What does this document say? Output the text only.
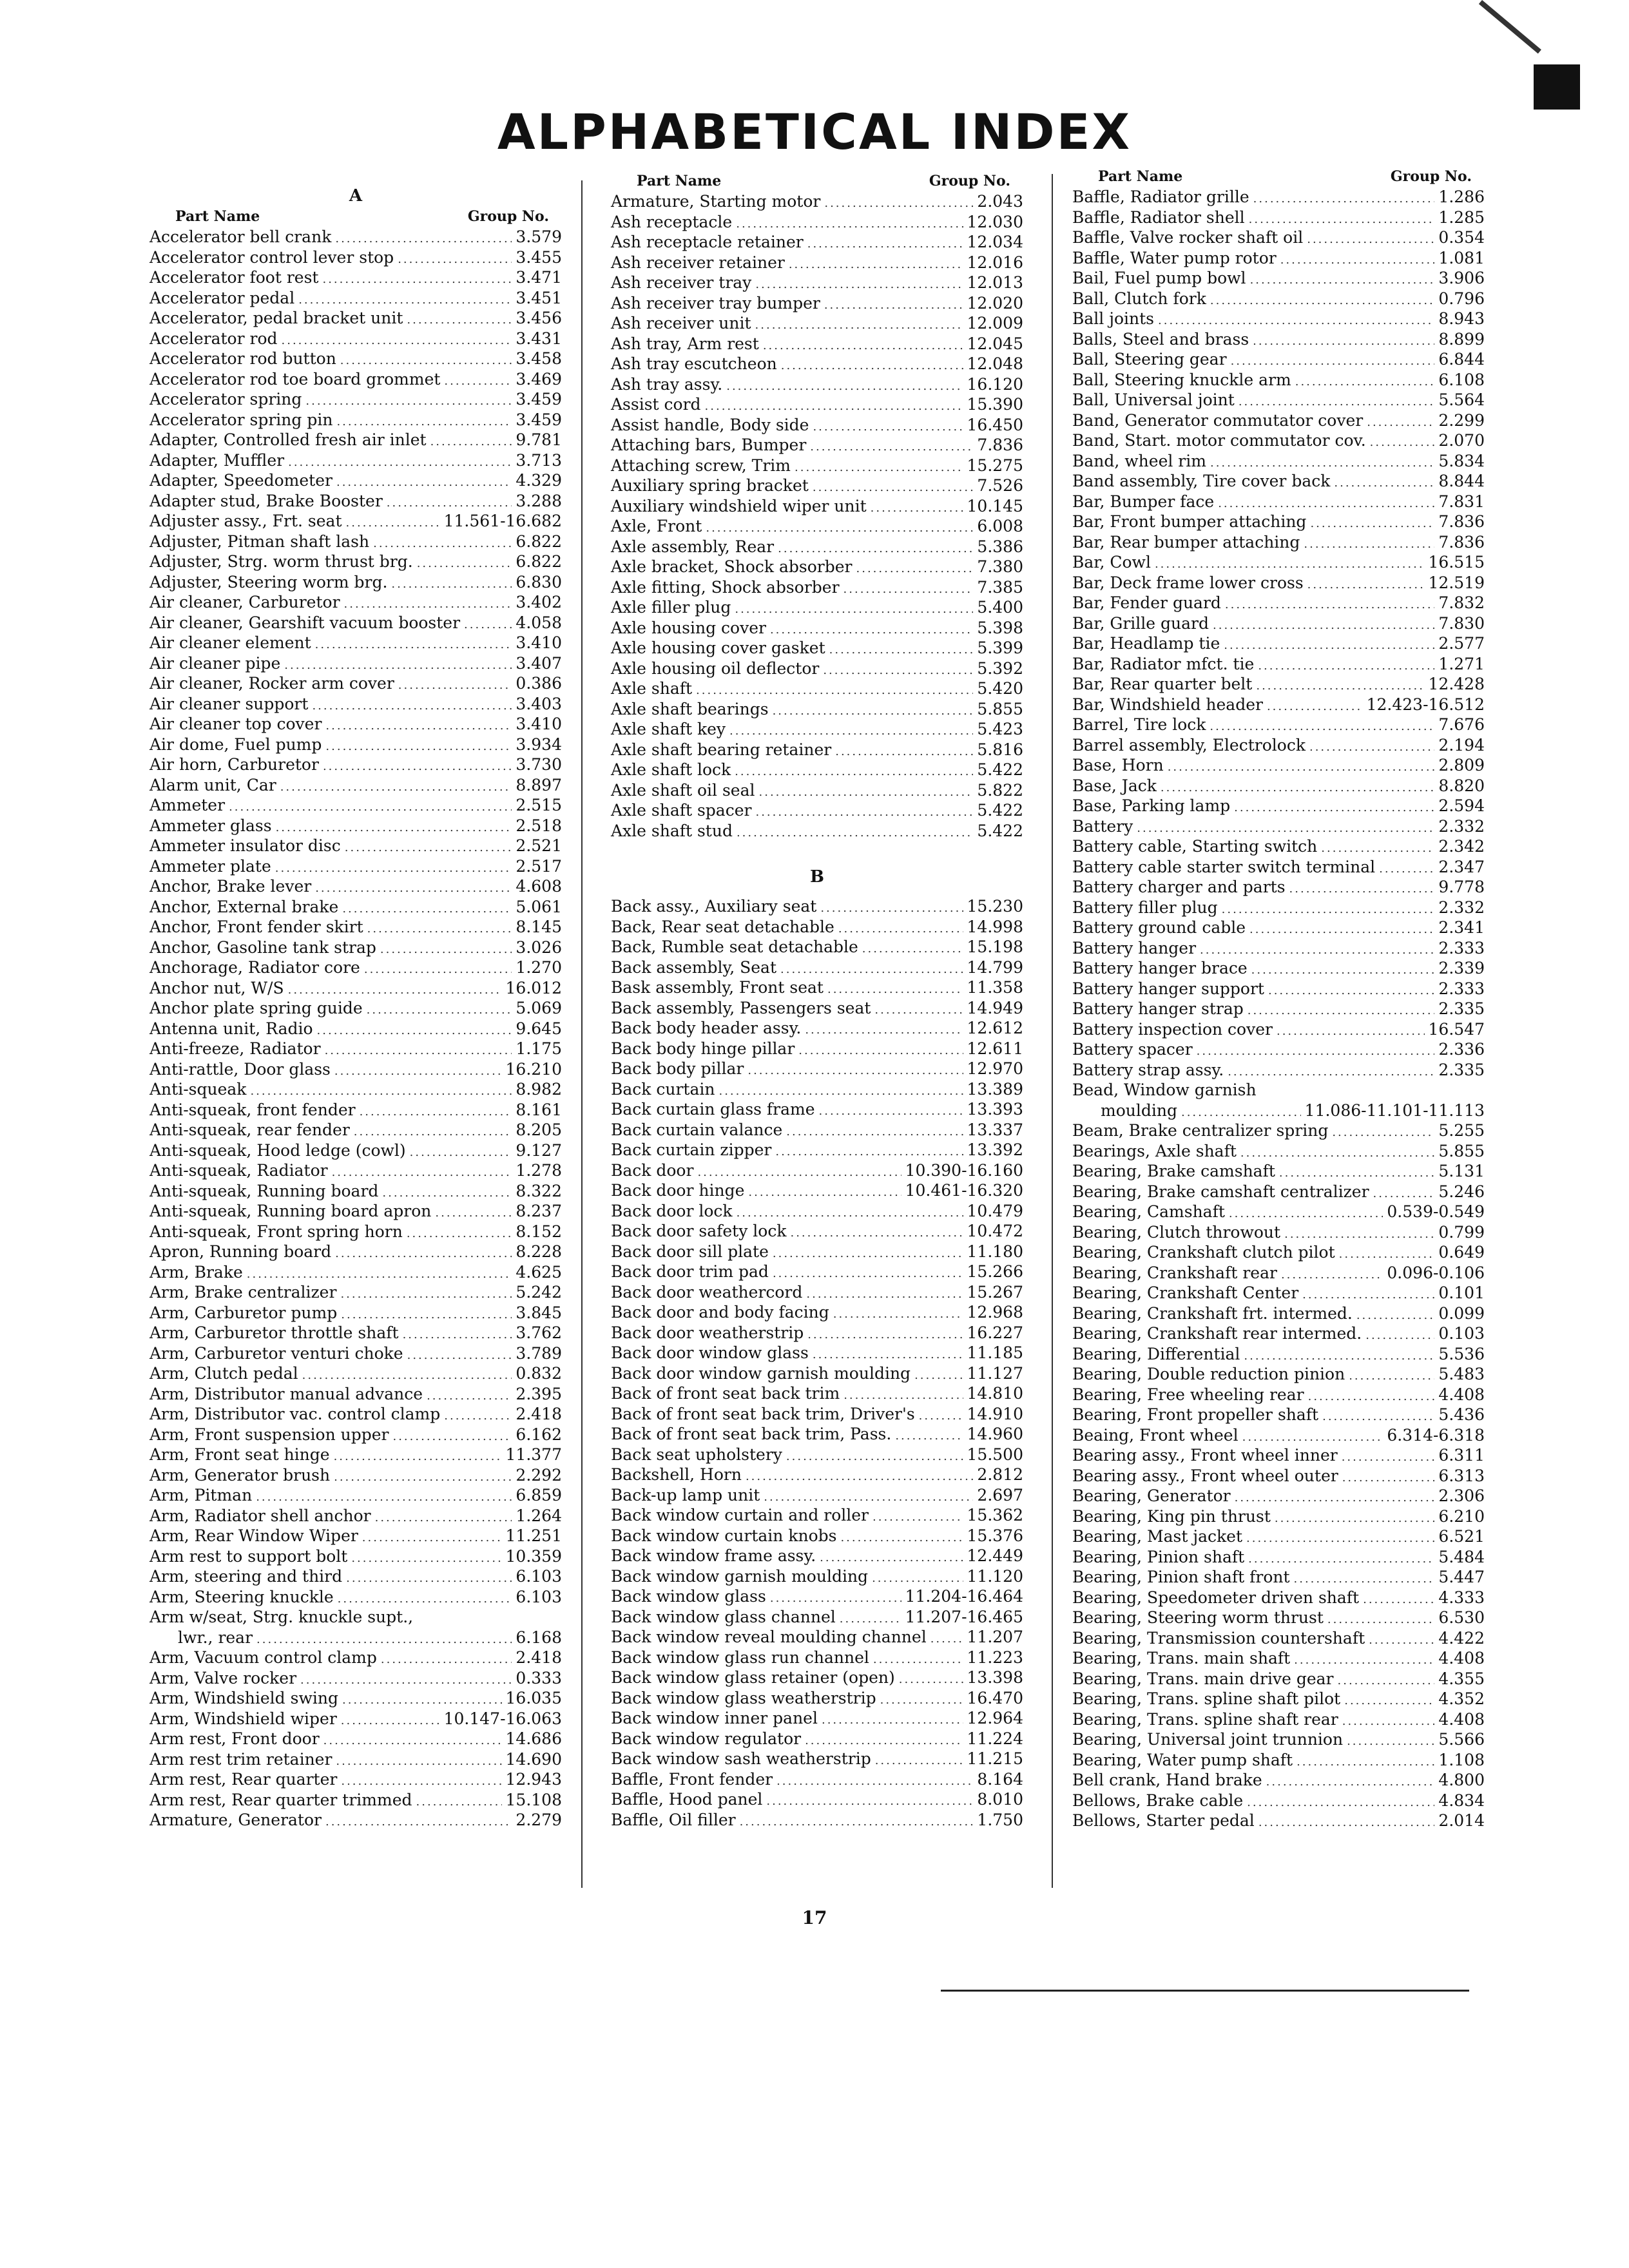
ALPHABETICAL INDEX
A
Part Name	Group No.
Accelerator bell crank .....	3.579
Accelerator control lever stop .....	3.455
Accelerator foot rest .....	3.471
Accelerator pedal .....	3.451
Accelerator, pedal bracket unit .....	3.456
Accelerator rod .....	3.431
Accelerator rod button .....	3.458
Accelerator rod toe board grommet .....	3.469
Accelerator spring .....	3.459
Accelerator spring pin .....	3.459
Adapter, Controlled fresh air inlet .....	9.781
Adapter, Muffler .....	3.713
Adapter, Speedometer .....	4.329
Adapter stud, Brake Booster .....	3.288
Adjuster assy., Frt. seat .....	11.561-16.682
Adjuster, Pitman shaft lash .....	6.822
Adjuster, Strg. worm thrust brg. .....	6.822
Adjuster, Steering worm brg. .....	6.830
Air cleaner, Carburetor .....	3.402
Air cleaner, Gearshift vacuum booster .....	4.058
Air cleaner element .....	3.410
Air cleaner pipe .....	3.407
Air cleaner, Rocker arm cover .....	0.386
Air cleaner support .....	3.403
Air cleaner top cover .....	3.410
Air dome, Fuel pump .....	3.934
Air horn, Carburetor .....	3.730
Alarm unit, Car .....	8.897
Ammeter .....	2.515
Ammeter glass .....	2.518
Ammeter insulator disc .....	2.521
Ammeter plate .....	2.517
Anchor, Brake lever .....	4.608
Anchor, External brake .....	5.061
Anchor, Front fender skirt .....	8.145
Anchor, Gasoline tank strap .....	3.026
Anchorage, Radiator core .....	1.270
Anchor nut, W/S .....	16.012
Anchor plate spring guide .....	5.069
Antenna unit, Radio .....	9.645
Anti-freeze, Radiator .....	1.175
Anti-rattle, Door glass .....	16.210
Anti-squeak .....	8.982
Anti-squeak, front fender .....	8.161
Anti-squeak, rear fender .....	8.205
Anti-squeak, Hood ledge (cowl) .....	9.127
Anti-squeak, Radiator .....	1.278
Anti-squeak, Running board .....	8.322
Anti-squeak, Running board apron .....	8.237
Anti-squeak, Front spring horn .....	8.152
Apron, Running board .....	8.228
Arm, Brake .....	4.625
Arm, Brake centralizer .....	5.242
Arm, Carburetor pump .....	3.845
Arm, Carburetor throttle shaft .....	3.762
Arm, Carburetor venturi choke .....	3.789
Arm, Clutch pedal .....	0.832
Arm, Distributor manual advance .....	2.395
Arm, Distributor vac. control clamp .....	2.418
Arm, Front suspension upper .....	6.162
Arm, Front seat hinge .....	11.377
Arm, Generator brush .....	2.292
Arm, Pitman .....	6.859
Arm, Radiator shell anchor .....	1.264
Arm, Rear Window Wiper .....	11.251
Arm rest to support bolt .....	10.359
Arm, steering and third .....	6.103
Arm, Steering knuckle .....	6.103
Arm w/seat, Strg. knuckle supt.,
lwr., rear .....	6.168
Arm, Vacuum control clamp .....	2.418
Arm, Valve rocker .....	0.333
Arm, Windshield swing .....	16.035
Arm, Windshield wiper .....	10.147-16.063
Arm rest, Front door .....	14.686
Arm rest trim retainer .....	14.690
Arm rest, Rear quarter .....	12.943
Arm rest, Rear quarter trimmed .....	15.108
Armature, Generator .....	2.279
Part Name	Group No.
Armature, Starting motor .....	2.043
Ash receptacle .....	12.030
Ash receptacle retainer .....	12.034
Ash receiver retainer .....	12.016
Ash receiver tray .....	12.013
Ash receiver tray bumper .....	12.020
Ash receiver unit .....	12.009
Ash tray, Arm rest .....	12.045
Ash tray escutcheon .....	12.048
Ash tray assy. .....	16.120
Assist cord .....	15.390
Assist handle, Body side .....	16.450
Attaching bars, Bumper .....	7.836
Attaching screw, Trim .....	15.275
Auxiliary spring bracket .....	7.526
Auxiliary windshield wiper unit .....	10.145
Axle, Front .....	6.008
Axle assembly, Rear .....	5.386
Axle bracket, Shock absorber .....	7.380
Axle fitting, Shock absorber .....	7.385
Axle filler plug .....	5.400
Axle housing cover .....	5.398
Axle housing cover gasket .....	5.399
Axle housing oil deflector .....	5.392
Axle shaft .....	5.420
Axle shaft bearings .....	5.855
Axle shaft key .....	5.423
Axle shaft bearing retainer .....	5.816
Axle shaft lock .....	5.422
Axle shaft oil seal .....	5.822
Axle shaft spacer .....	5.422
Axle shaft stud .....	5.422
B
Back assy., Auxiliary seat .....	15.230
Back, Rear seat detachable .....	14.998
Back, Rumble seat detachable .....	15.198
Back assembly, Seat .....	14.799
Bask assembly, Front seat .....	11.358
Back assembly, Passengers seat .....	14.949
Back body header assy. .....	12.612
Back body hinge pillar .....	12.611
Back body pillar .....	12.970
Back curtain .....	13.389
Back curtain glass frame .....	13.393
Back curtain valance .....	13.337
Back curtain zipper .....	13.392
Back door .....	10.390-16.160
Back door hinge .....	10.461-16.320
Back door lock .....	10.479
Back door safety lock .....	10.472
Back door sill plate .....	11.180
Back door trim pad .....	15.266
Back door weathercord .....	15.267
Back door and body facing .....	12.968
Back door weatherstrip .....	16.227
Back door window glass .....	11.185
Back door window garnish moulding .....	11.127
Back of front seat back trim .....	14.810
Back of front seat back trim, Driver's .....	14.910
Back of front seat back trim, Pass. .....	14.960
Back seat upholstery .....	15.500
Backshell, Horn .....	2.812
Back-up lamp unit .....	2.697
Back window curtain and roller .....	15.362
Back window curtain knobs .....	15.376
Back window frame assy. .....	12.449
Back window garnish moulding .....	11.120
Back window glass .....	11.204-16.464
Back window glass channel .....	11.207-16.465
Back window reveal moulding channel .....	11.207
Back window glass run channel .....	11.223
Back window glass retainer (open) .....	13.398
Back window glass weatherstrip .....	16.470
Back window inner panel .....	12.964
Back window regulator .....	11.224
Back window sash weatherstrip .....	11.215
Baffle, Front fender .....	8.164
Baffle, Hood panel .....	8.010
Baffle, Oil filler .....	1.750
Part Name	Group No.
Baffle, Radiator grille .....	1.286
Baffle, Radiator shell .....	1.285
Baffle, Valve rocker shaft oil .....	0.354
Baffle, Water pump rotor .....	1.081
Bail, Fuel pump bowl .....	3.906
Ball, Clutch fork .....	0.796
Ball joints .....	8.943
Balls, Steel and brass .....	8.899
Ball, Steering gear .....	6.844
Ball, Steering knuckle arm .....	6.108
Ball, Universal joint .....	5.564
Band, Generator commutator cover .....	2.299
Band, Start. motor commutator cov. .....	2.070
Band, wheel rim .....	5.834
Band assembly, Tire cover back .....	8.844
Bar, Bumper face .....	7.831
Bar, Front bumper attaching .....	7.836
Bar, Rear bumper attaching .....	7.836
Bar, Cowl .....	16.515
Bar, Deck frame lower cross .....	12.519
Bar, Fender guard .....	7.832
Bar, Grille guard .....	7.830
Bar, Headlamp tie .....	2.577
Bar, Radiator mfct. tie .....	1.271
Bar, Rear quarter belt .....	12.428
Bar, Windshield header .....	12.423-16.512
Barrel, Tire lock .....	7.676
Barrel assembly, Electrolock .....	2.194
Base, Horn .....	2.809
Base, Jack .....	8.820
Base, Parking lamp .....	2.594
Battery .....	2.332
Battery cable, Starting switch .....	2.342
Battery cable starter switch terminal .....	2.347
Battery charger and parts .....	9.778
Battery filler plug .....	2.332
Battery ground cable .....	2.341
Battery hanger .....	2.333
Battery hanger brace .....	2.339
Battery hanger support .....	2.333
Battery hanger strap .....	2.335
Battery inspection cover .....	16.547
Battery spacer .....	2.336
Battery strap assy. .....	2.335
Bead, Window garnish
moulding .....	11.086-11.101-11.113
Beam, Brake centralizer spring .....	5.255
Bearings, Axle shaft .....	5.855
Bearing, Brake camshaft .....	5.131
Bearing, Brake camshaft centralizer .....	5.246
Bearing, Camshaft .....	0.539-0.549
Bearing, Clutch throwout .....	0.799
Bearing, Crankshaft clutch pilot .....	0.649
Bearing, Crankshaft rear .....	0.096-0.106
Bearing, Crankshaft Center .....	0.101
Bearing, Crankshaft frt. intermed. .....	0.099
Bearing, Crankshaft rear intermed. .....	0.103
Bearing, Differential .....	5.536
Bearing, Double reduction pinion .....	5.483
Bearing, Free wheeling rear .....	4.408
Bearing, Front propeller shaft .....	5.436
Beaing, Front wheel .....	6.314-6.318
Bearing assy., Front wheel inner .....	6.311
Bearing assy., Front wheel outer .....	6.313
Bearing, Generator .....	2.306
Bearing, King pin thrust .....	6.210
Bearing, Mast jacket .....	6.521
Bearing, Pinion shaft .....	5.484
Bearing, Pinion shaft front .....	5.447
Bearing, Speedometer driven shaft .....	4.333
Bearing, Steering worm thrust .....	6.530
Bearing, Transmission countershaft .....	4.422
Bearing, Trans. main shaft .....	4.408
Bearing, Trans. main drive gear .....	4.355
Bearing, Trans. spline shaft pilot .....	4.352
Bearing, Trans. spline shaft rear .....	4.408
Bearing, Universal joint trunnion .....	5.566
Bearing, Water pump shaft .....	1.108
Bell crank, Hand brake .....	4.800
Bellows, Brake cable .....	4.834
Bellows, Starter pedal .....	2.014
17
